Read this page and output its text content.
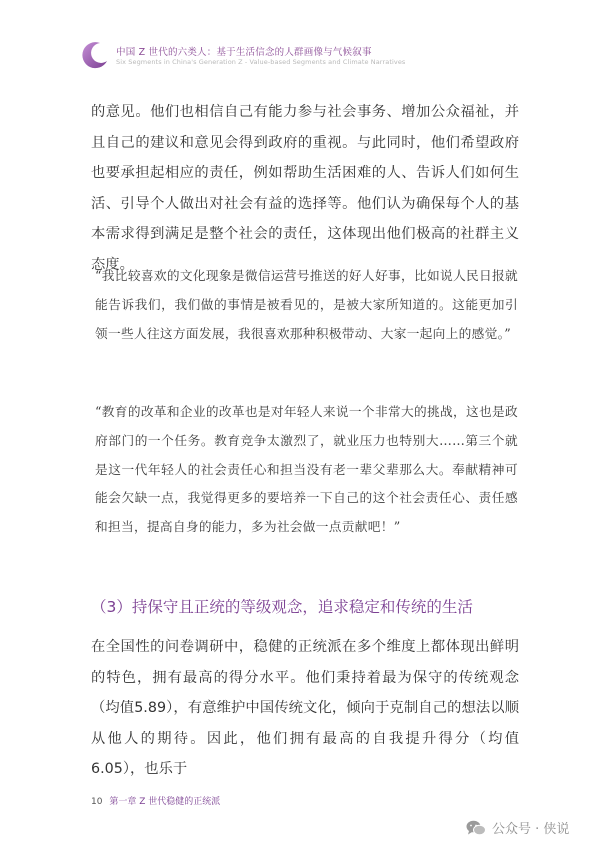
中国 Z 世代的六类人：基于生活信念的人群画像与气候叙事
Six Segments in China's Generation Z - Value-based Segments and Climate Narratives

的意见。他们也相信自己有能力参与社会事务、增加公众福祉，并且自己的建议和意见会得到政府的重视。与此同时，他们希望政府也要承担起相应的责任，例如帮助生活困难的人、告诉人们如何生活、引导个人做出对社会有益的选择等。他们认为确保每个人的基本需求得到满足是整个社会的责任，这体现出他们极高的社群主义态度。

“我比较喜欢的文化现象是微信运营号推送的好人好事，比如说人民日报就能告诉我们，我们做的事情是被看见的，是被大家所知道的。这能更加引领一些人往这方面发展，我很喜欢那种积极带动、大家一起向上的感觉。”

“教育的改革和企业的改革也是对年轻人来说一个非常大的挑战，这也是政府部门的一个任务。教育竞争太激烈了，就业压力也特别大……第三个就是这一代年轻人的社会责任心和担当没有老一辈父辈那么大。奉献精神可能会欠缺一点，我觉得更多的要培养一下自己的这个社会责任心、责任感和担当，提高自身的能力，多为社会做一点贡献吧！”

（3）持保守且正统的等级观念，追求稳定和传统的生活

在全国性的问卷调研中，稳健的正统派在多个维度上都体现出鲜明的特色，拥有最高的得分水平。他们秉持着最为保守的传统观念（均值5.89），有意维护中国传统文化，倾向于克制自己的想法以顺从他人的期待。因此，他们拥有最高的自我提升得分（均值 6.05），也乐于

10 第一章 Z 世代稳健的正统派
公众号 · 侠说
